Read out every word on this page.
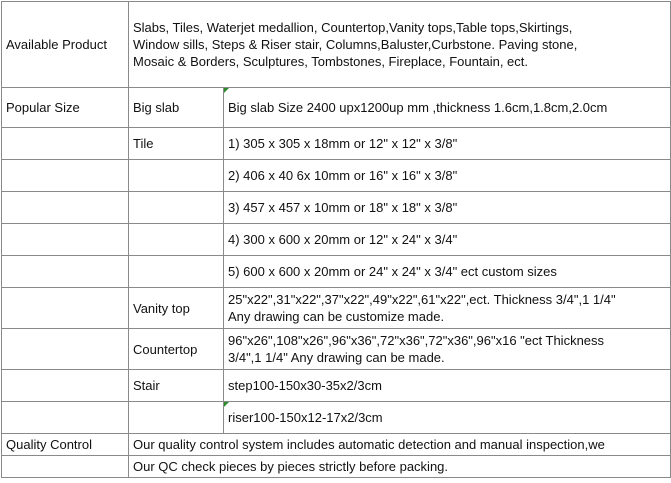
Available Product	Slabs, Tiles, Waterjet medallion, Countertop,Vanity tops,Table tops,Skirtings,
Window sills, Steps & Riser stair, Columns,Baluster,Curbstone. Paving stone,
Mosaic & Borders, Sculptures, Tombstones, Fireplace, Fountain, ect.	

Popular Size	Big slab	Big slab Size 2400 upx1200up mm ,thickness 1.6cm,1.8cm,2.0cm
	Tile	1) 305 x 305 x 18mm or 12" x 12" x 3/8"
		2) 406 x 40 6x 10mm or 16" x 16" x 3/8"
		3) 457 x 457 x 10mm or 18" x 18" x 3/8"
		4) 300 x 600 x 20mm or 12" x 24" x 3/4"
		5) 600 x 600 x 20mm or 24" x 24" x 3/4" ect custom sizes
	Vanity top	25"x22",31"x22",37"x22",49"x22",61"x22",ect. Thickness 3/4",1 1/4"
Any drawing can be customize made.

	Countertop	96"x26",108"x26",96"x36",72"x36",72"x36",96"x16 "ect Thickness
3/4",1 1/4" Any drawing can be made.

	Stair	step100-150x30-35x2/3cm
		riser100-150x12-17x2/3cm
Quality Control	Our quality control system includes automatic detection and manual inspection,we	
	Our QC check pieces by pieces strictly before packing.	
